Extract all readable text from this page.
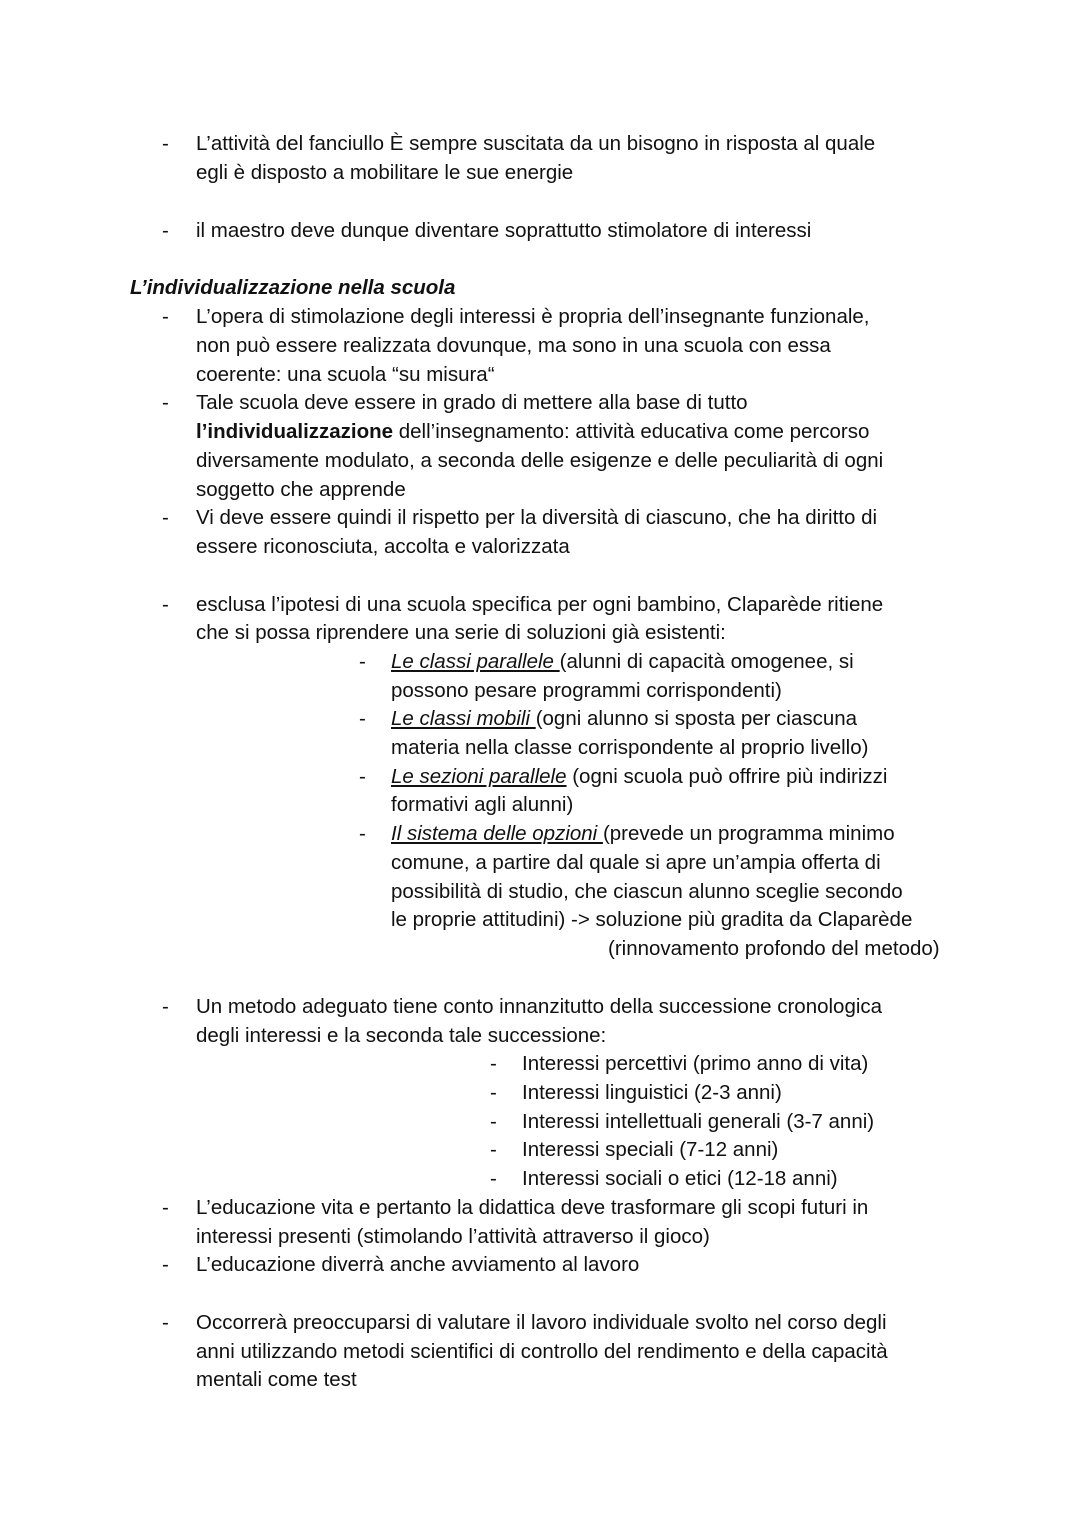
- L’attività del fanciullo È sempre suscitata da un bisogno in risposta al quale
egli è disposto a mobilitare le sue energie
- il maestro deve dunque diventare soprattutto stimolatore di interessi
L’individualizzazione nella scuola
- L’opera di stimolazione degli interessi è propria dell’insegnante funzionale,
non può essere realizzata dovunque, ma sono in una scuola con essa
coerente: una scuola “su misura“
- Tale scuola deve essere in grado di mettere alla base di tutto
l’individualizzazione dell’insegnamento: attività educativa come percorso
diversamente modulato, a seconda delle esigenze e delle peculiarità di ogni
soggetto che apprende
- Vi deve essere quindi il rispetto per la diversità di ciascuno, che ha diritto di
essere riconosciuta, accolta e valorizzata
- esclusa l’ipotesi di una scuola specifica per ogni bambino, Claparède ritiene
che si possa riprendere una serie di soluzioni già esistenti:
- Le classi parallele (alunni di capacità omogenee, si
possono pesare programmi corrispondenti)
- Le classi mobili (ogni alunno si sposta per ciascuna
materia nella classe corrispondente al proprio livello)
- Le sezioni parallele (ogni scuola può offrire più indirizzi
formativi agli alunni)
- Il sistema delle opzioni (prevede un programma minimo
comune, a partire dal quale si apre un’ampia offerta di
possibilità di studio, che ciascun alunno sceglie secondo
le proprie attitudini) -> soluzione più gradita da Claparède
(rinnovamento profondo del metodo)
- Un metodo adeguato tiene conto innanzitutto della successione cronologica
degli interessi e la seconda tale successione:
- Interessi percettivi (primo anno di vita)
- Interessi linguistici (2-3 anni)
- Interessi intellettuali generali (3-7 anni)
- Interessi speciali (7-12 anni)
- Interessi sociali o etici (12-18 anni)
- L’educazione vita e pertanto la didattica deve trasformare gli scopi futuri in
interessi presenti (stimolando l’attività attraverso il gioco)
- L’educazione diverrà anche avviamento al lavoro
- Occorrerà preoccuparsi di valutare il lavoro individuale svolto nel corso degli
anni utilizzando metodi scientifici di controllo del rendimento e della capacità
mentali come test
